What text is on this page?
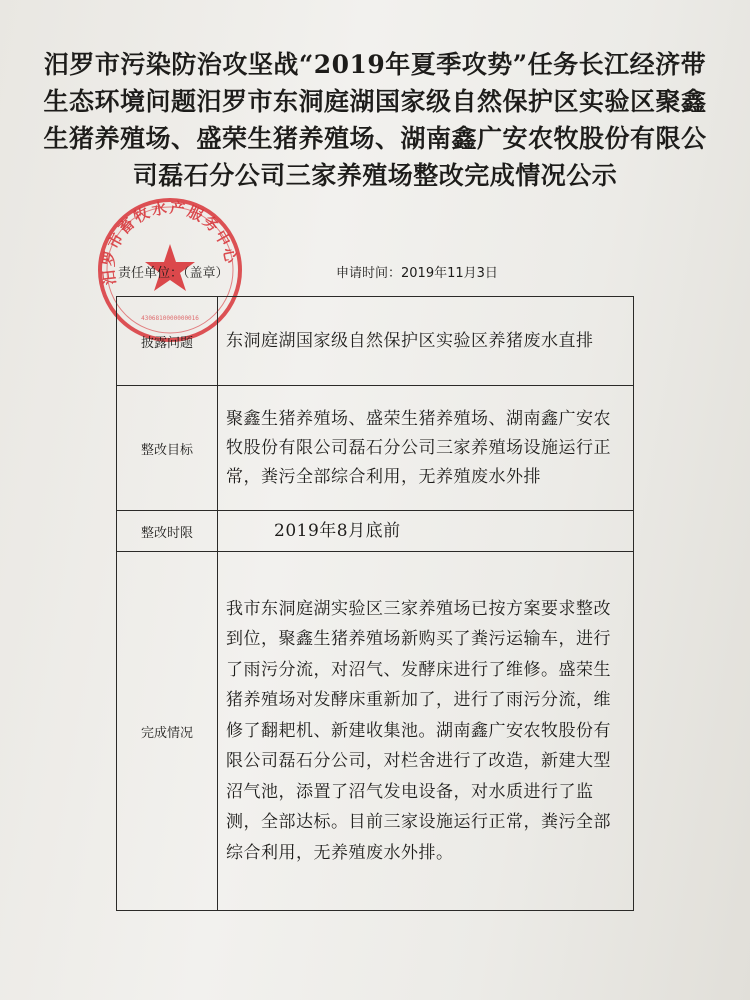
汨罗市污染防治攻坚战“2019年夏季攻势”任务长江经济带生态环境问题汨罗市东洞庭湖国家级自然保护区实验区聚鑫生猪养殖场、盛荣生猪养殖场、湖南鑫广安农牧股份有限公司磊石分公司三家养殖场整改完成情况公示
汨罗市畜牧水产服务中心
4306810000000016
责任单位：（盖章）	申请时间：2019年11月3日
披露问题	东洞庭湖国家级自然保护区实验区养猪废水直排
整改目标	聚鑫生猪养殖场、盛荣生猪养殖场、湖南鑫广安农牧股份有限公司磊石分公司三家养殖场设施运行正常，粪污全部综合利用，无养殖废水外排
整改时限	2019年8月底前
完成情况	我市东洞庭湖实验区三家养殖场已按方案要求整改到位，聚鑫生猪养殖场新购买了粪污运输车，进行了雨污分流，对沼气、发酵床进行了维修。盛荣生猪养殖场对发酵床重新加了，进行了雨污分流，维修了翻耙机、新建收集池。湖南鑫广安农牧股份有限公司磊石分公司，对栏舍进行了改造，新建大型沼气池，添置了沼气发电设备，对水质进行了监测，全部达标。目前三家设施运行正常，粪污全部综合利用，无养殖废水外排。
